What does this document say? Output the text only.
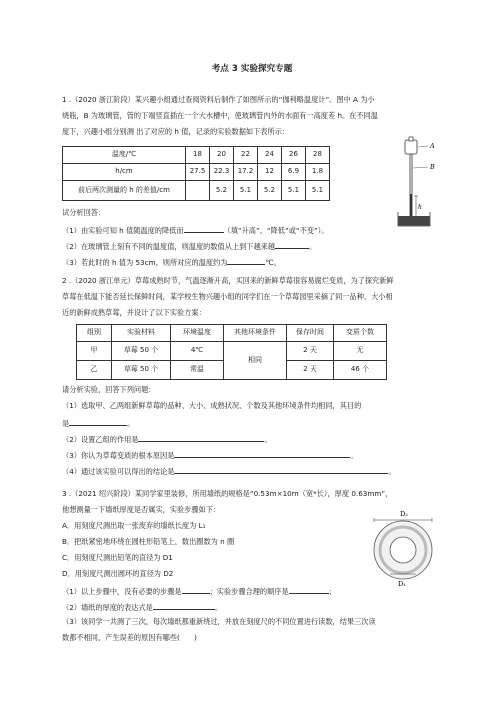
考点 3 实验探究专题
1 .（2020 浙江阶段）某兴趣小组通过查阅资料后制作了如图所示的“伽利略温度计”。图中 A 为小
烧瓶，B 为玻璃管，管的下端竖直插在一个大水槽中，使玻璃管内外的水面有一高度差 h。在不同温
度下，兴趣小组分别测 出了对应的 h 值，记录的实验数据如下表所示：
温度/℃	18	20	22	24	26	28
h/cm	27.5	22.3	17.2	12	6.9	1.8
前后两次测量的 h 的差值/cm		5.2	5.1	5.2	5.1	5.1
A
B
h
试分析回答：
（1）由实验可知 h 值随温度的降低而	（填“升高”、“降低”或“不变”）。
（2）在玻璃管上刻有不同的温度值，则温度的数值从上到下越来越	。
（3）若此时的 h 值为 53cm，则所对应的温度约为	℃。
2 .（2020 浙江单元）草莓成熟时节，气温逐渐升高，买回来的新鲜草莓很容易腐烂变质，为了探究新鲜
草莓在低温下能否延长保鲜时间，某学校生物兴趣小组的同学们在一个草莓园里采摘了同一品种、大小相
近的新鲜成熟草莓，并设计了以下实验方案：
组别	实验材料	环境温度	其他环境条件	保存时间	变质个数
甲	草莓 50 个	4℃	相同	2 天	无
乙	草莓 50 个	常温		2 天	46 个
请分析实验，回答下列问题：
（1）选取甲、乙两组新鲜草莓的品种、大小、成熟状况、个数及其他环境条件均相同，其目的
是	。
（2）设置乙组的作用是	。
（3）你认为草莓变质的根本原因是	。
（4）通过该实验可以得出的结论是	。
3 .（2021 绍兴阶段）某同学家里装修，所用墙纸的规格是“0.53m×10m（宽*长），厚度 0.63mm”，
他想测量一下墙纸厚度是否属实，实验步骤如下：
A．用刻度尺测出取一张废弃的墙纸长度为 L₁
B．把纸紧密地环绕在圆柱形铅笔上，数出圈数为 n 圈
C．用刻度尺测出铅笔的直径为 D1
D．用刻度尺测出圆环的直径为 D2
D₂
D₁
（1）以上步骤中，没有必要的步骤是	；实验步骤合理的顺序是	；
（2）墙纸的厚度的表达式是	。
（3）该同学一共测了三次，每次墙纸都重新绕过，并放在刻度尺的不同位置进行读数，结果三次读
数都不相同，产生误差的原因有哪些(　　)
